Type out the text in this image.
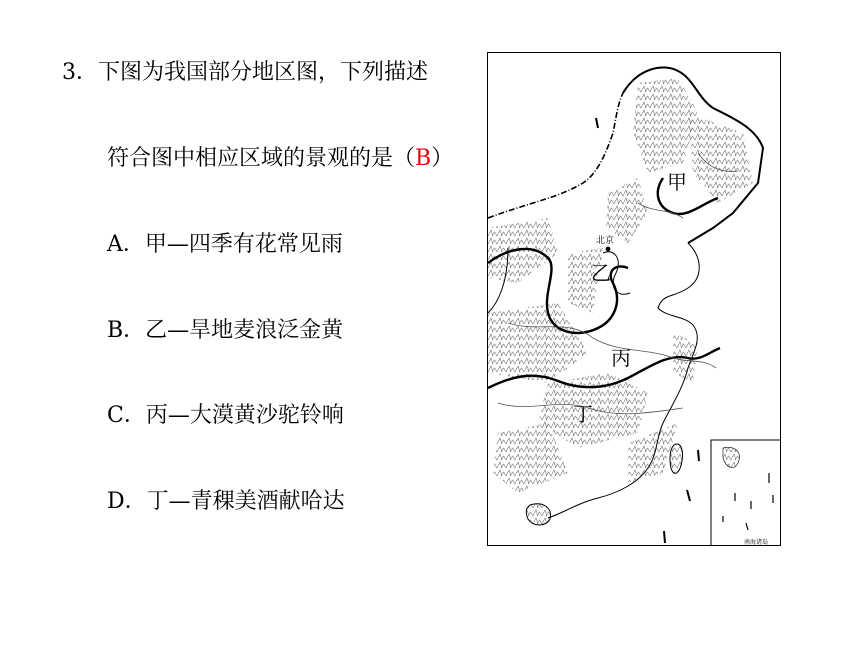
3．下图为我国部分地区图，下列描述
符合图中相应区域的景观的是（B）
A．甲—四季有花常见雨
B．乙—旱地麦浪泛金黄
C．丙—大漠黄沙驼铃响
D．丁—青稞美酒献哈达
南海诸岛
北京
甲
乙
丙
丁
